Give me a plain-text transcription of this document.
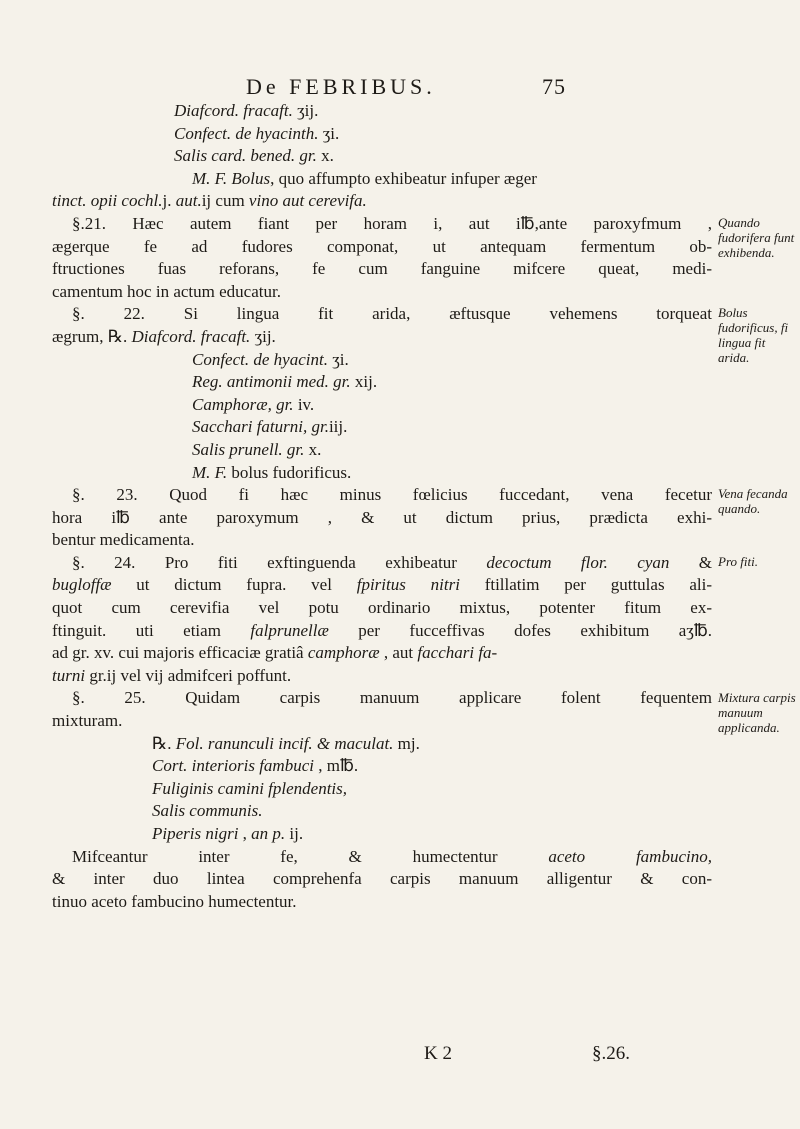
De FEBRIBUS.	75
Diafcord. fracaft. ʒij.
Confect. de hyacinth. ʒi.
Salis card. bened. gr. x.
M. F. Bolus, quo affumpto exhibeatur infuper æger
tinct. opii cochl.j. aut.ij cum vino aut cerevifa.
§.21. Hæc autem fiant per horam i, aut i℔,ante paroxyfmum ,
ægerque fe ad fudores componat, ut antequam fermentum ob-
ftructiones fuas reforans, fe cum fanguine mifcere queat, medi-
camentum hoc in actum educatur.
§. 22. Si lingua fit arida, æftusque vehemens torqueat
ægrum, ℞. Diafcord. fracaft. ʒij.
Confect. de hyacint. ʒi.
Reg. antimonii med. gr. xij.
Camphoræ, gr. iv.
Sacchari faturni, gr.iij.
Salis prunell. gr. x.
M. F. bolus fudorificus.
§. 23. Quod fi hæc minus fœlicius fuccedant, vena fecetur
hora i℔ ante paroxymum , & ut dictum prius, prædicta exhi-
bentur medicamenta.
§. 24. Pro fiti exftinguenda exhibeatur decoctum flor. cyan &
bugloffæ ut dictum fupra. vel fpiritus nitri ftillatim per guttulas ali-
quot cum cerevifia vel potu ordinario mixtus, potenter fitum ex-
ftinguit. uti etiam falprunellæ per fucceffivas dofes exhibitum aʒ℔.
ad gr. xv. cui majoris efficaciæ gratiâ camphoræ , aut facchari fa-
turni gr.ij vel vij admifceri poffunt.
§. 25. Quidam carpis manuum applicare folent fequentem
mixturam.
℞. Fol. ranunculi incif. & maculat. mj.
Cort. interioris fambuci , m℔.
Fuliginis camini fplendentis,
Salis communis.
Piperis nigri , an p. ij.
Mifceantur inter fe, & humectentur aceto fambucino,
& inter duo lintea comprehenfa carpis manuum alligentur & con-
tinuo aceto fambucino humectentur.
Quando fudorifera funt exhibenda.
Bolus fudorificus, fi lingua fit arida.
Vena fecanda quando.
Pro fiti.
Mixtura carpis manuum applicanda.
K 2	§.26.
